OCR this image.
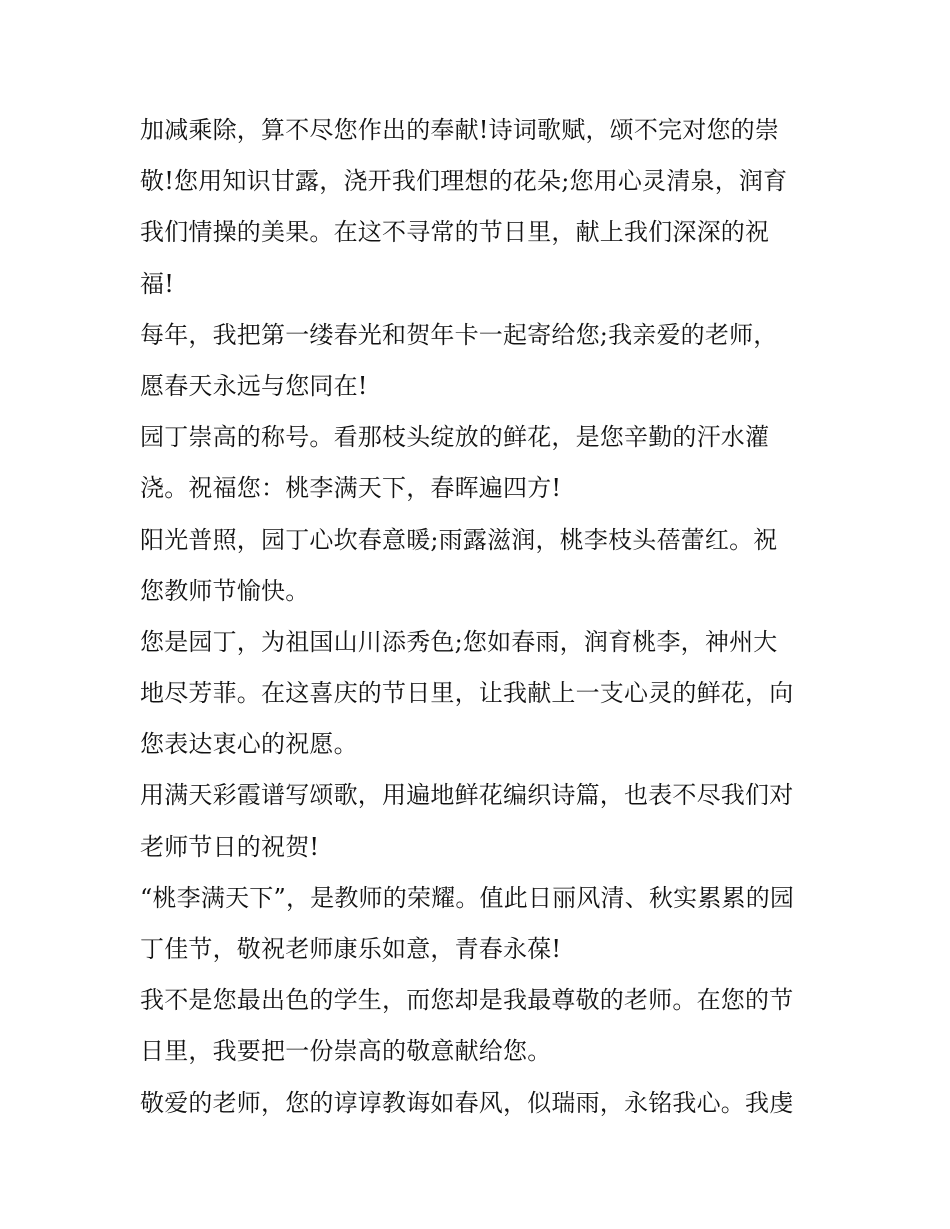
加减乘除，算不尽您作出的奉献!诗词歌赋，颂不完对您的崇
敬!您用知识甘露，浇开我们理想的花朵;您用心灵清泉，润育
我们情操的美果。在这不寻常的节日里，献上我们深深的祝
福!
每年，我把第一缕春光和贺年卡一起寄给您;我亲爱的老师，
愿春天永远与您同在!
园丁崇高的称号。看那枝头绽放的鲜花，是您辛勤的汗水灌
浇。祝福您：桃李满天下，春晖遍四方!
阳光普照，园丁心坎春意暖;雨露滋润，桃李枝头蓓蕾红。祝
您教师节愉快。
您是园丁，为祖国山川添秀色;您如春雨，润育桃李，神州大
地尽芳菲。在这喜庆的节日里，让我献上一支心灵的鲜花，向
您表达衷心的祝愿。
用满天彩霞谱写颂歌，用遍地鲜花编织诗篇，也表不尽我们对
老师节日的祝贺!
“桃李满天下”，是教师的荣耀。值此日丽风清、秋实累累的园
丁佳节，敬祝老师康乐如意，青春永葆!
我不是您最出色的学生，而您却是我最尊敬的老师。在您的节
日里，我要把一份崇高的敬意献给您。
敬爱的老师，您的谆谆教诲如春风，似瑞雨，永铭我心。我虔
